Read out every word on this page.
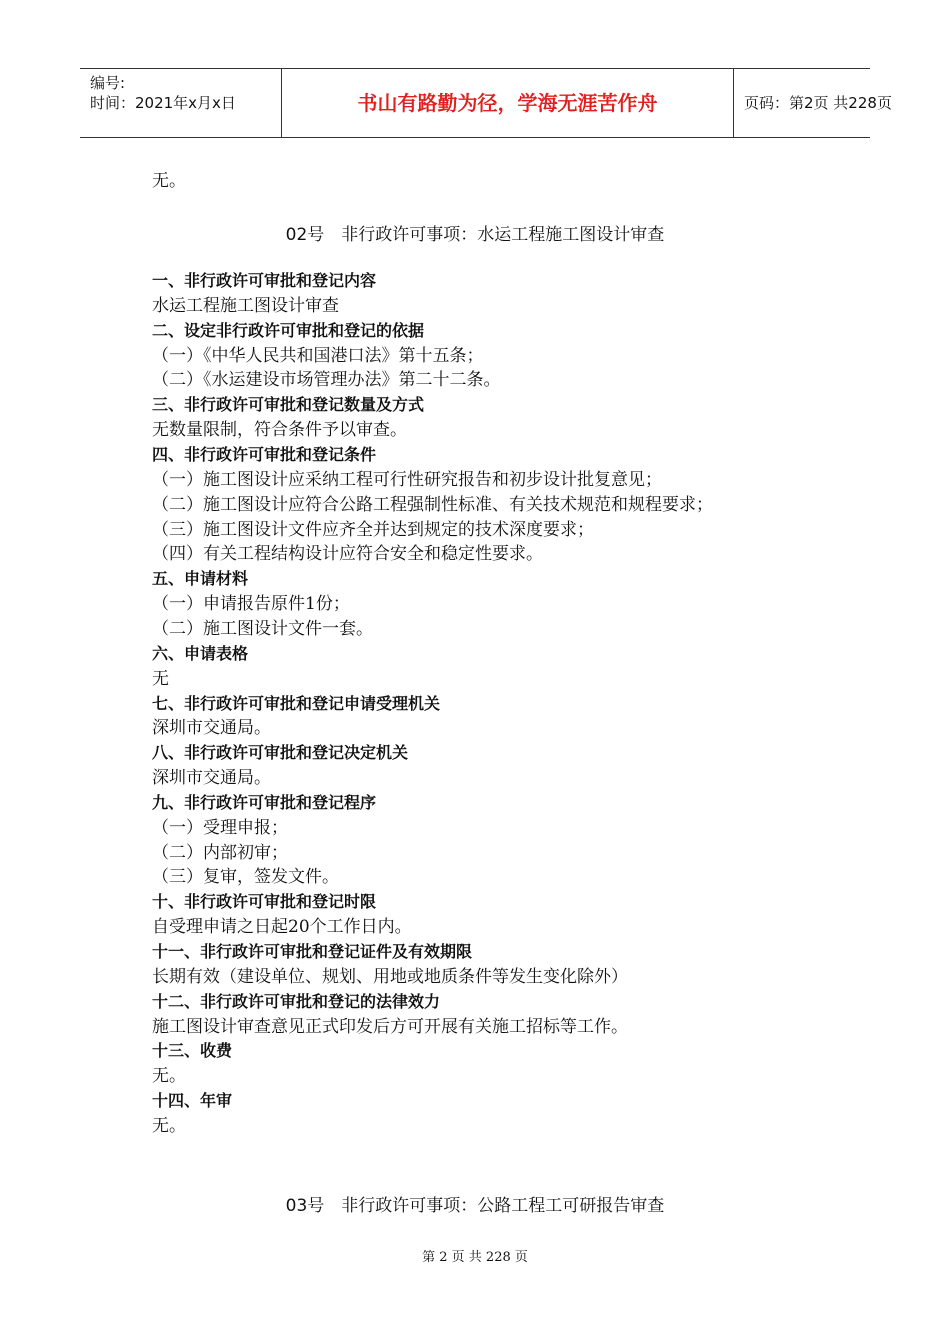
编号:
时间：2021年x月x日	书山有路勤为径，学海无涯苦作舟	页码：第2页 共228页
无。
02号　非行政许可事项：水运工程施工图设计审查
一、非行政许可审批和登记内容
水运工程施工图设计审查
二、设定非行政许可审批和登记的依据
（一）《中华人民共和国港口法》第十五条；
（二）《水运建设市场管理办法》第二十二条。
三、非行政许可审批和登记数量及方式
无数量限制，符合条件予以审查。
四、非行政许可审批和登记条件
（一）施工图设计应采纳工程可行性研究报告和初步设计批复意见；
（二）施工图设计应符合公路工程强制性标准、有关技术规范和规程要求；
（三）施工图设计文件应齐全并达到规定的技术深度要求；
（四）有关工程结构设计应符合安全和稳定性要求。
五、申请材料
（一）申请报告原件1份；
（二）施工图设计文件一套。
六、申请表格
无
七、非行政许可审批和登记申请受理机关
深圳市交通局。
八、非行政许可审批和登记决定机关
深圳市交通局。
九、非行政许可审批和登记程序
（一）受理申报；
（二）内部初审；
（三）复审，签发文件。
十、非行政许可审批和登记时限
自受理申请之日起20个工作日内。
十一、非行政许可审批和登记证件及有效期限
长期有效（建设单位、规划、用地或地质条件等发生变化除外）
十二、非行政许可审批和登记的法律效力
施工图设计审查意见正式印发后方可开展有关施工招标等工作。
十三、收费
无。
十四、年审
无。
03号　非行政许可事项：公路工程工可研报告审查
第 2 页 共 228 页
